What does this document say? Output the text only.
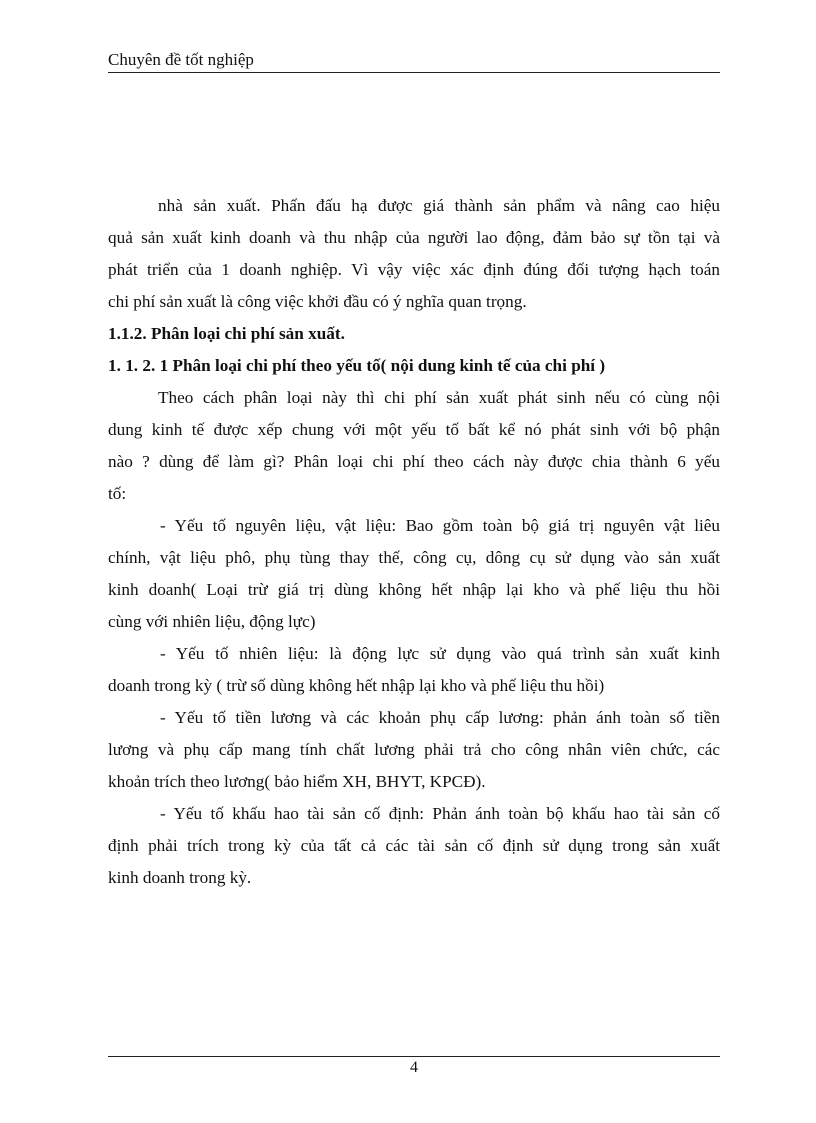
Chuyên đề tốt nghiệp
nhà sản xuất. Phấn đấu hạ được giá thành sản phẩm và nâng cao hiệu
quả sản xuất kinh doanh và thu nhập của người lao động, đảm bảo sự tồn tại và
phát triển của 1 doanh nghiệp. Vì vậy việc xác định đúng đối tượng hạch toán
chi phí sản xuất là công việc khởi đầu có ý nghĩa quan trọng.
1.1.2. Phân loại chi phí sản xuất.
1. 1. 2. 1 Phân loại chi phí theo yếu tố( nội dung kinh tế của chi phí )
Theo cách phân loại này thì chi phí sản xuất phát sinh nếu có cùng nội
dung kinh tế được xếp chung với một yếu tố bất kể nó phát sinh với bộ phận
nào ? dùng để làm gì? Phân loại chi phí theo cách này được chia thành 6 yếu
tố:
- Yếu tố nguyên liệu, vật liệu: Bao gồm toàn bộ giá trị nguyên vật liêu
chính, vật liệu phô, phụ tùng thay thế, công cụ, dông cụ sử dụng vào sản xuất
kinh doanh( Loại trừ giá trị dùng không hết nhập lại kho và phế liệu thu hồi
cùng với nhiên liệu, động lực)
- Yếu tố nhiên liệu: là động lực sử dụng vào quá trình sản xuất kinh
doanh trong kỳ ( trừ số dùng không hết nhập lại kho và phế liệu thu hồi)
- Yếu tố tiền lương và các khoản phụ cấp lương: phản ánh toàn số tiền
lương và phụ cấp mang tính chất lương phải trả cho công nhân viên chức, các
khoản trích theo lương( bảo hiểm XH, BHYT, KPCĐ).
- Yếu tố khấu hao tài sản cố định: Phản ánh toàn bộ khấu hao tài sản cố
định phải trích trong kỳ của tất cả các tài sản cố định sử dụng trong sản xuất
kinh doanh trong kỳ.
4
